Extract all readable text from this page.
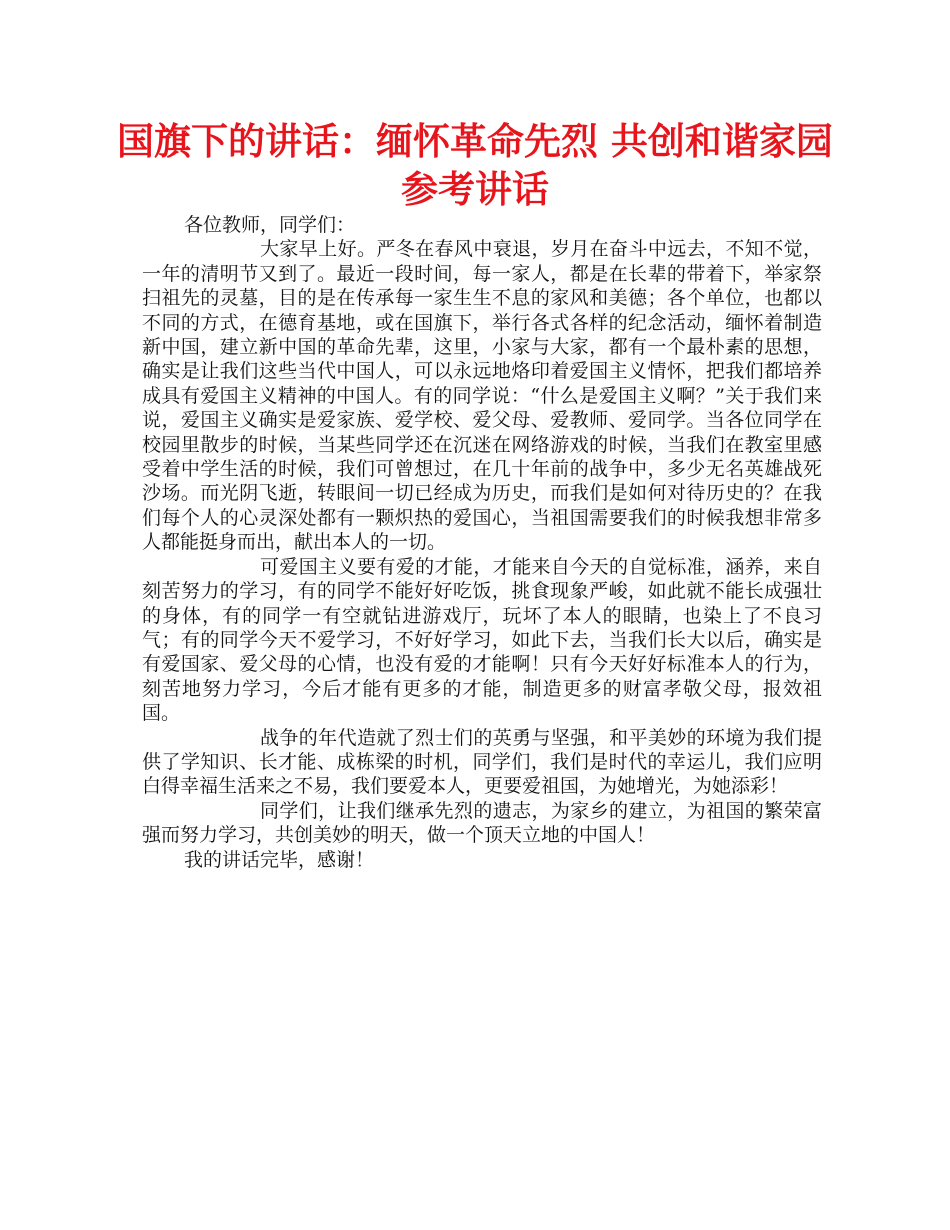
国旗下的讲话：缅怀革命先烈 共创和谐家园参考讲话

各位教师，同学们：

大家早上好。严冬在春风中衰退，岁月在奋斗中远去，不知不觉，一年的清明节又到了。最近一段时间，每一家人，都是在长辈的带着下，举家祭扫祖先的灵墓，目的是在传承每一家生生不息的家风和美德；各个单位，也都以不同的方式，在德育基地，或在国旗下，举行各式各样的纪念活动，缅怀着制造新中国，建立新中国的革命先辈，这里，小家与大家，都有一个最朴素的思想，确实是让我们这些当代中国人，可以永远地烙印着爱国主义情怀，把我们都培养成具有爱国主义精神的中国人。有的同学说：“什么是爱国主义啊？”关于我们来说，爱国主义确实是爱家族、爱学校、爱父母、爱教师、爱同学。当各位同学在校园里散步的时候，当某些同学还在沉迷在网络游戏的时候，当我们在教室里感受着中学生活的时候，我们可曾想过，在几十年前的战争中，多少无名英雄战死沙场。而光阴飞逝，转眼间一切已经成为历史，而我们是如何对待历史的？在我们每个人的心灵深处都有一颗炽热的爱国心，当祖国需要我们的时候我想非常多人都能挺身而出，献出本人的一切。

可爱国主义要有爱的才能，才能来自今天的自觉标准，涵养，来自刻苦努力的学习，有的同学不能好好吃饭，挑食现象严峻，如此就不能长成强壮的身体，有的同学一有空就钻进游戏厅，玩坏了本人的眼睛，也染上了不良习气；有的同学今天不爱学习，不好好学习，如此下去，当我们长大以后，确实是有爱国家、爱父母的心情，也没有爱的才能啊！只有今天好好标准本人的行为，刻苦地努力学习，今后才能有更多的才能，制造更多的财富孝敬父母，报效祖国。

战争的年代造就了烈士们的英勇与坚强，和平美妙的环境为我们提供了学知识、长才能、成栋梁的时机，同学们，我们是时代的幸运儿，我们应明白得幸福生活来之不易，我们要爱本人，更要爱祖国，为她增光，为她添彩！

同学们，让我们继承先烈的遗志，为家乡的建立，为祖国的繁荣富强而努力学习，共创美妙的明天，做一个顶天立地的中国人！

我的讲话完毕，感谢！
